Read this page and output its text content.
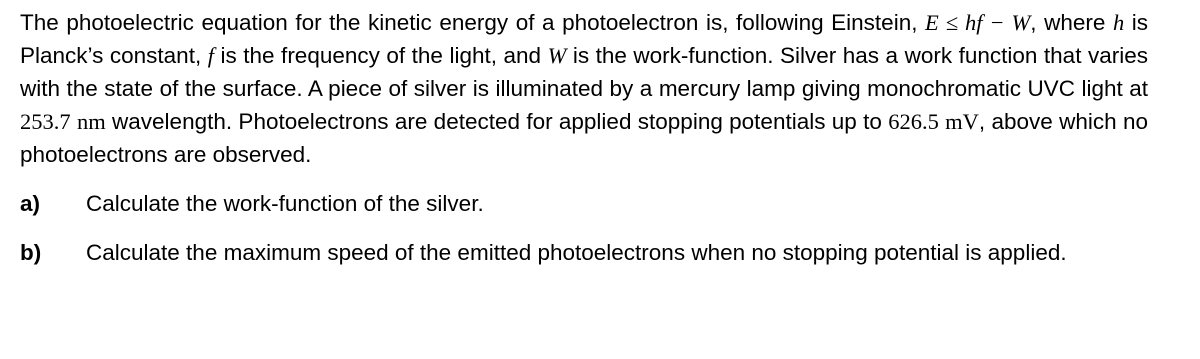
The photoelectric equation for the kinetic energy of a photoelectron is, following Einstein, E ≤ hf − W, where h is Planck’s constant, f is the frequency of the light, and W is the work-function. Silver has a work function that varies with the state of the surface. A piece of silver is illuminated by a mercury lamp giving monochromatic UVC light at 253.7 nm wavelength. Photoelectrons are detected for applied stopping potentials up to 626.5 mV, above which no photoelectrons are observed.

a)	Calculate the work-function of the silver.
b)	Calculate the maximum speed of the emitted photoelectrons when no stopping potential is applied.
